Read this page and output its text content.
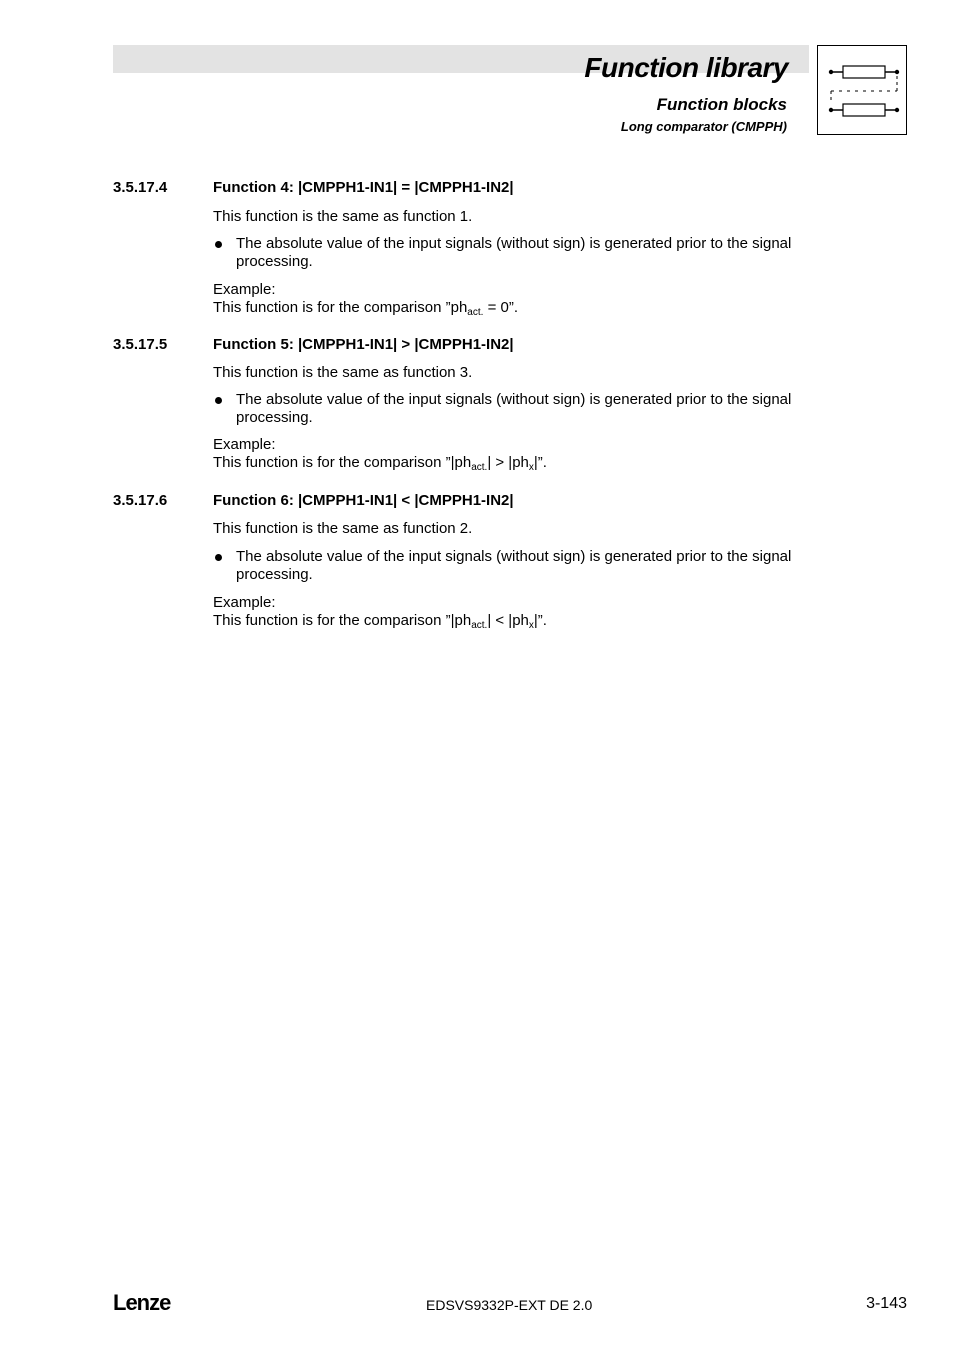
Function library
Function blocks
Long comparator (CMPPH)
3.5.17.4	Function 4: |CMPPH1-IN1| = |CMPPH1-IN2|

This function is the same as function 1.

The absolute value of the input signals (without sign) is generated prior to the signal processing.

Example:

This function is for the comparison $”ph_{act.} = 0$”.

3.5.17.5	Function 5: |CMPPH1-IN1| > |CMPPH1-IN2|

This function is the same as function 3.

The absolute value of the input signals (without sign) is generated prior to the signal processing.

Example:

This function is for the comparison $”|ph_{act.}| > |ph_x|$”.

3.5.17.6	Function 6: |CMPPH1-IN1| < |CMPPH1-IN2|

This function is the same as function 2.

The absolute value of the input signals (without sign) is generated prior to the signal processing.

Example:

This function is for the comparison $”|ph_{act.}| < |ph_x|$”.

Lenze	EDSVS9332P-EXT DE 2.0	3-143
